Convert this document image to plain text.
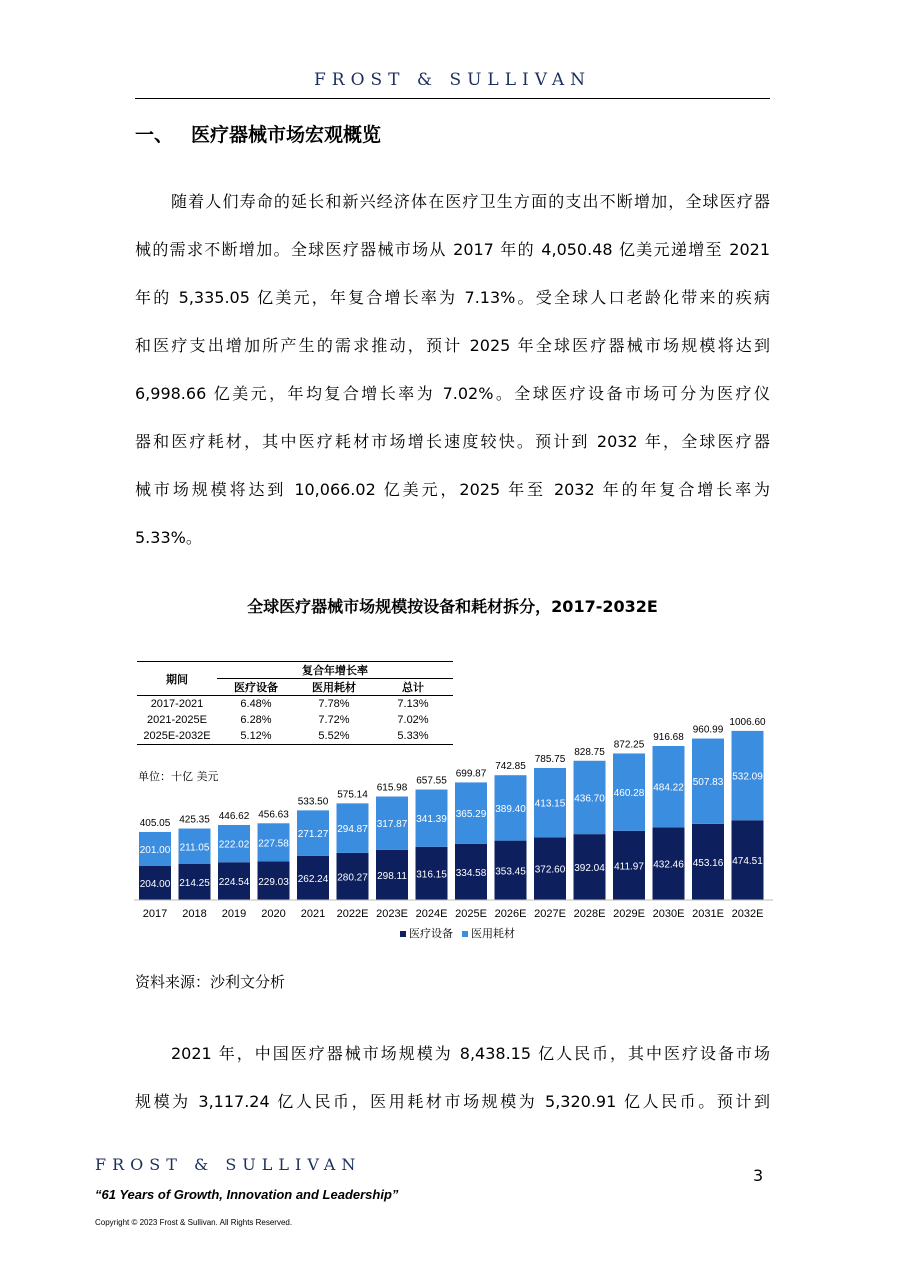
FROST & SULLIVAN
一、 医疗器械市场宏观概览
随着人们寿命的延长和新兴经济体在医疗卫生方面的支出不断增加，全球医疗器
械的需求不断增加。全球医疗器械市场从 2017 年的 4,050.48 亿美元递增至 2021
年的 5,335.05 亿美元，年复合增长率为 7.13%。受全球人口老龄化带来的疾病
和医疗支出增加所产生的需求推动，预计 2025 年全球医疗器械市场规模将达到
6,998.66 亿美元，年均复合增长率为 7.02%。全球医疗设备市场可分为医疗仪
器和医疗耗材，其中医疗耗材市场增长速度较快。预计到 2032 年，全球医疗器
械市场规模将达到 10,066.02 亿美元，2025 年至 2032 年的年复合增长率为
5.33%。
全球医疗器械市场规模按设备和耗材拆分，2017-2032E
期间	复合年增长率		
	医疗设备	医用耗材	总计
2017-2021	6.48%	7.78%	7.13%
2021-2025E	6.28%	7.72%	7.02%
2025E-2032E	5.12%	5.52%	5.33%
单位：十亿 美元
204.00
201.00
405.05
2017
214.25
211.05
425.35
2018
224.54
222.02
446.62
2019
229.03
227.58
456.63
2020
262.24
271.27
533.50
2021
280.27
294.87
575.14
2022E
298.11
317.87
615.98
2023E
316.15
341.39
657.55
2024E
334.58
365.29
699.87
2025E
353.45
389.40
742.85
2026E
372.60
413.15
785.75
2027E
392.04
436.70
828.75
2028E
411.97
460.28
872.25
2029E
432.46
484.22
916.68
2030E
453.16
507.83
960.99
2031E
474.51
532.09
1006.60
2032E
医疗设备 医用耗材
资料来源：沙利文分析
2021 年，中国医疗器械市场规模为 8,438.15 亿人民币，其中医疗设备市场
规模为 3,117.24 亿人民币，医用耗材市场规模为 5,320.91 亿人民币。预计到
FROST & SULLIVAN
3
“61 Years of Growth, Innovation and Leadership”
Copyright © 2023 Frost & Sullivan. All Rights Reserved.
